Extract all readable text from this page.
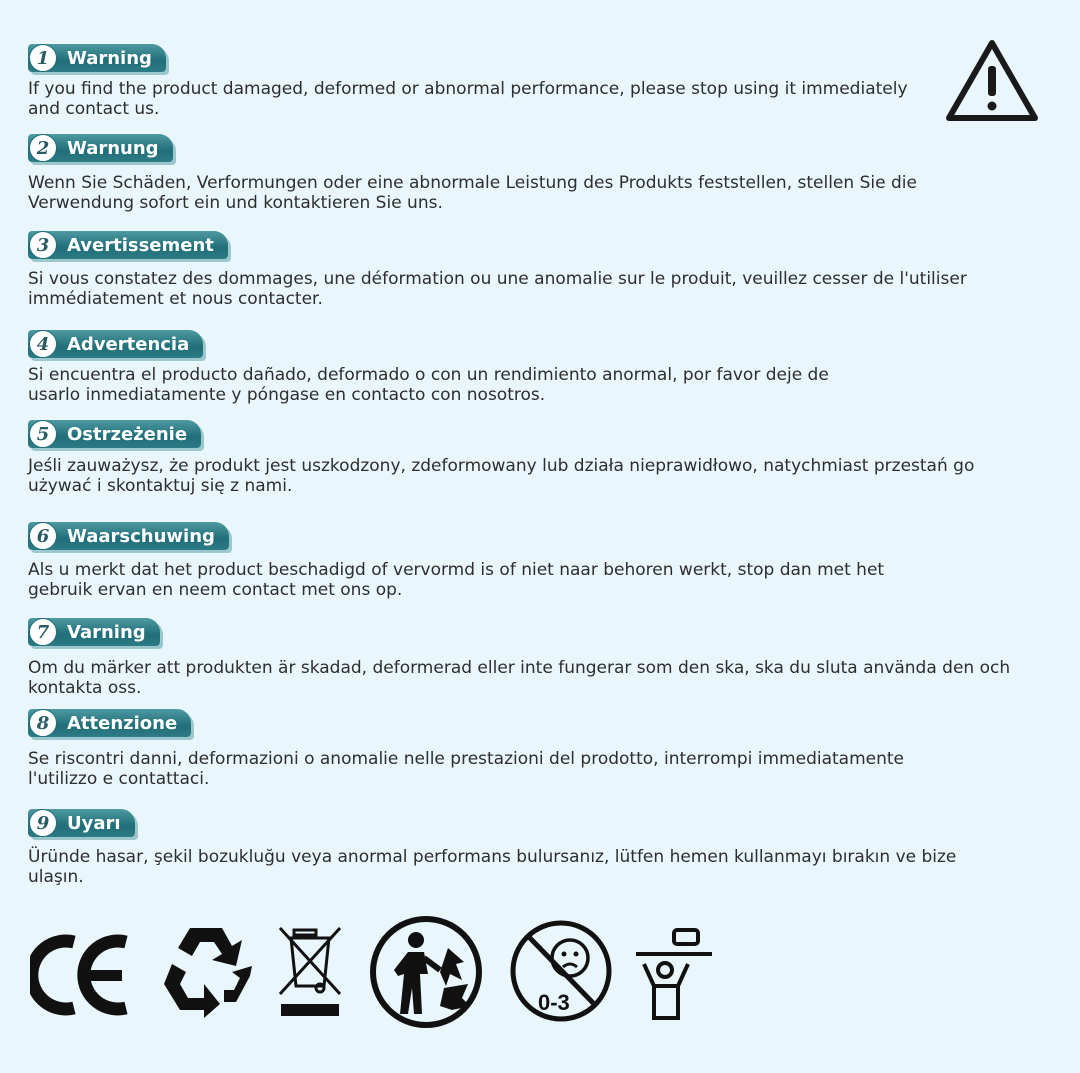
1 Warning

If you find the product damaged, deformed or abnormal performance, please stop using it immediately
and contact us.

2 Warnung

Wenn Sie Schäden, Verformungen oder eine abnormale Leistung des Produkts feststellen, stellen Sie die
Verwendung sofort ein und kontaktieren Sie uns.

3 Avertissement

Si vous constatez des dommages, une déformation ou une anomalie sur le produit, veuillez cesser de l'utiliser
immédiatement et nous contacter.

4 Advertencia

Si encuentra el producto dañado, deformado o con un rendimiento anormal, por favor deje de
usarlo inmediatamente y póngase en contacto con nosotros.

5 Ostrzeżenie

Jeśli zauważysz, że produkt jest uszkodzony, zdeformowany lub działa nieprawidłowo, natychmiast przestań go
używać i skontaktuj się z nami.

6 Waarschuwing

Als u merkt dat het product beschadigd of vervormd is of niet naar behoren werkt, stop dan met het
gebruik ervan en neem contact met ons op.

7 Varning

Om du märker att produkten är skadad, deformerad eller inte fungerar som den ska, ska du sluta använda den och
kontakta oss.

8 Attenzione

Se riscontri danni, deformazioni o anomalie nelle prestazioni del prodotto, interrompi immediatamente
l'utilizzo e contattaci.

9 Uyarı

Üründe hasar, şekil bozukluğu veya anormal performans bulursanız, lütfen hemen kullanmayı bırakın ve bize
ulaşın.

0-3
